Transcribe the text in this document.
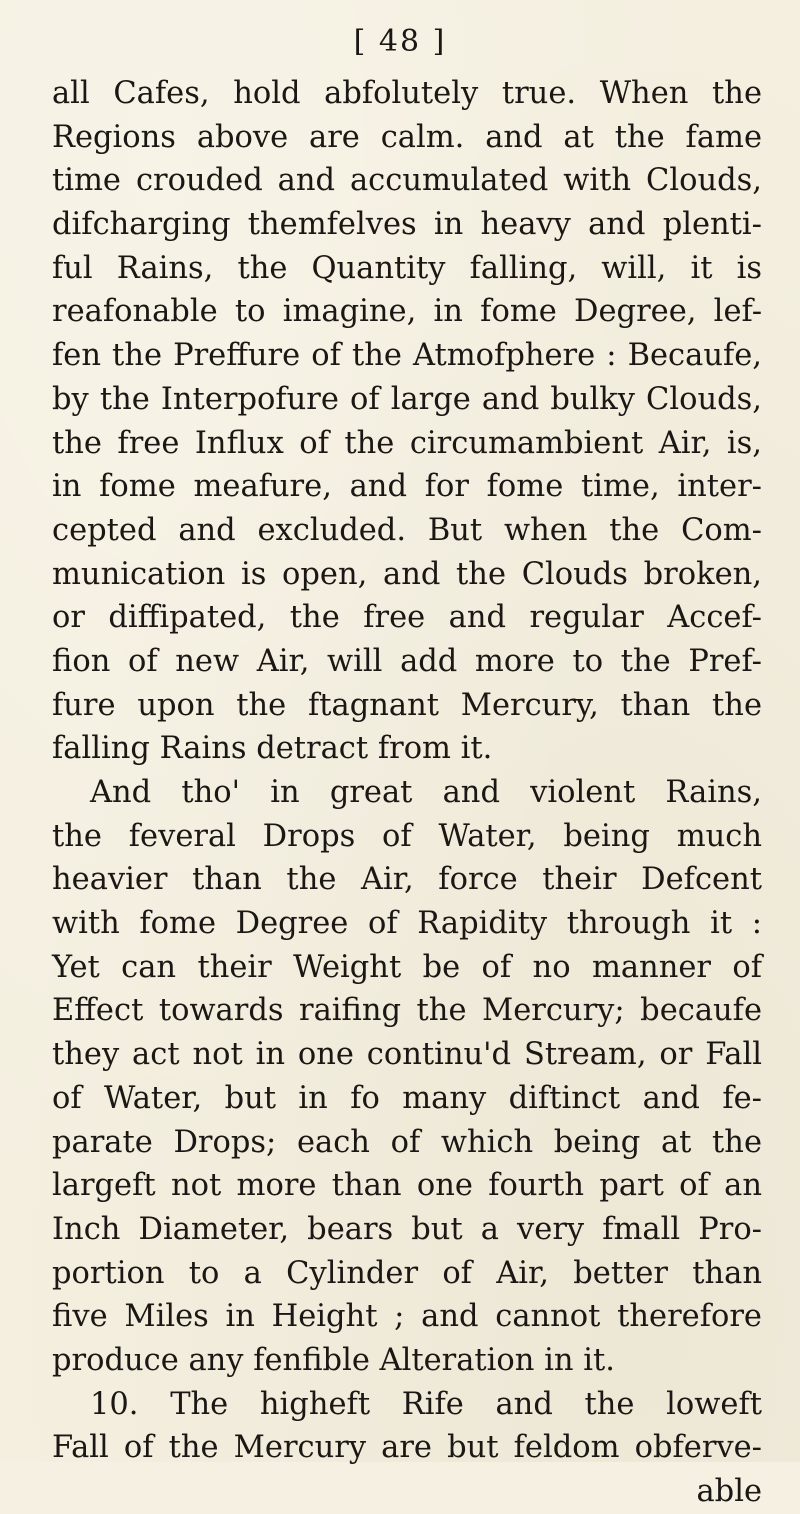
[ 48 ]
all Cafes, hold abfolutely true. When the
Regions above are calm. and at the fame
time crouded and accumulated with Clouds,
difcharging themfelves in heavy and plenti-
ful Rains, the Quantity falling, will, it is
reafonable to imagine, in fome Degree, lef-
fen the Preffure of the Atmofphere : Becaufe,
by the Interpofure of large and bulky Clouds,
the free Influx of the circumambient Air, is,
in fome meafure, and for fome time, inter-
cepted and excluded. But when the Com-
munication is open, and the Clouds broken,
or diffipated, the free and regular Accef-
fion of new Air, will add more to the Pref-
fure upon the ftagnant Mercury, than the
falling Rains detract from it.
And tho' in great and violent Rains,
the feveral Drops of Water, being much
heavier than the Air, force their Defcent
with fome Degree of Rapidity through it :
Yet can their Weight be of no manner of
Effect towards raifing the Mercury; becaufe
they act not in one continu'd Stream, or Fall
of Water, but in fo many diftinct and fe-
parate Drops; each of which being at the
largeft not more than one fourth part of an
Inch Diameter, bears but a very fmall Pro-
portion to a Cylinder of Air, better than
five Miles in Height ; and cannot therefore
produce any fenfible Alteration in it.
10. The higheft Rife and the loweft
Fall of the Mercury are but feldom obferve-
able
